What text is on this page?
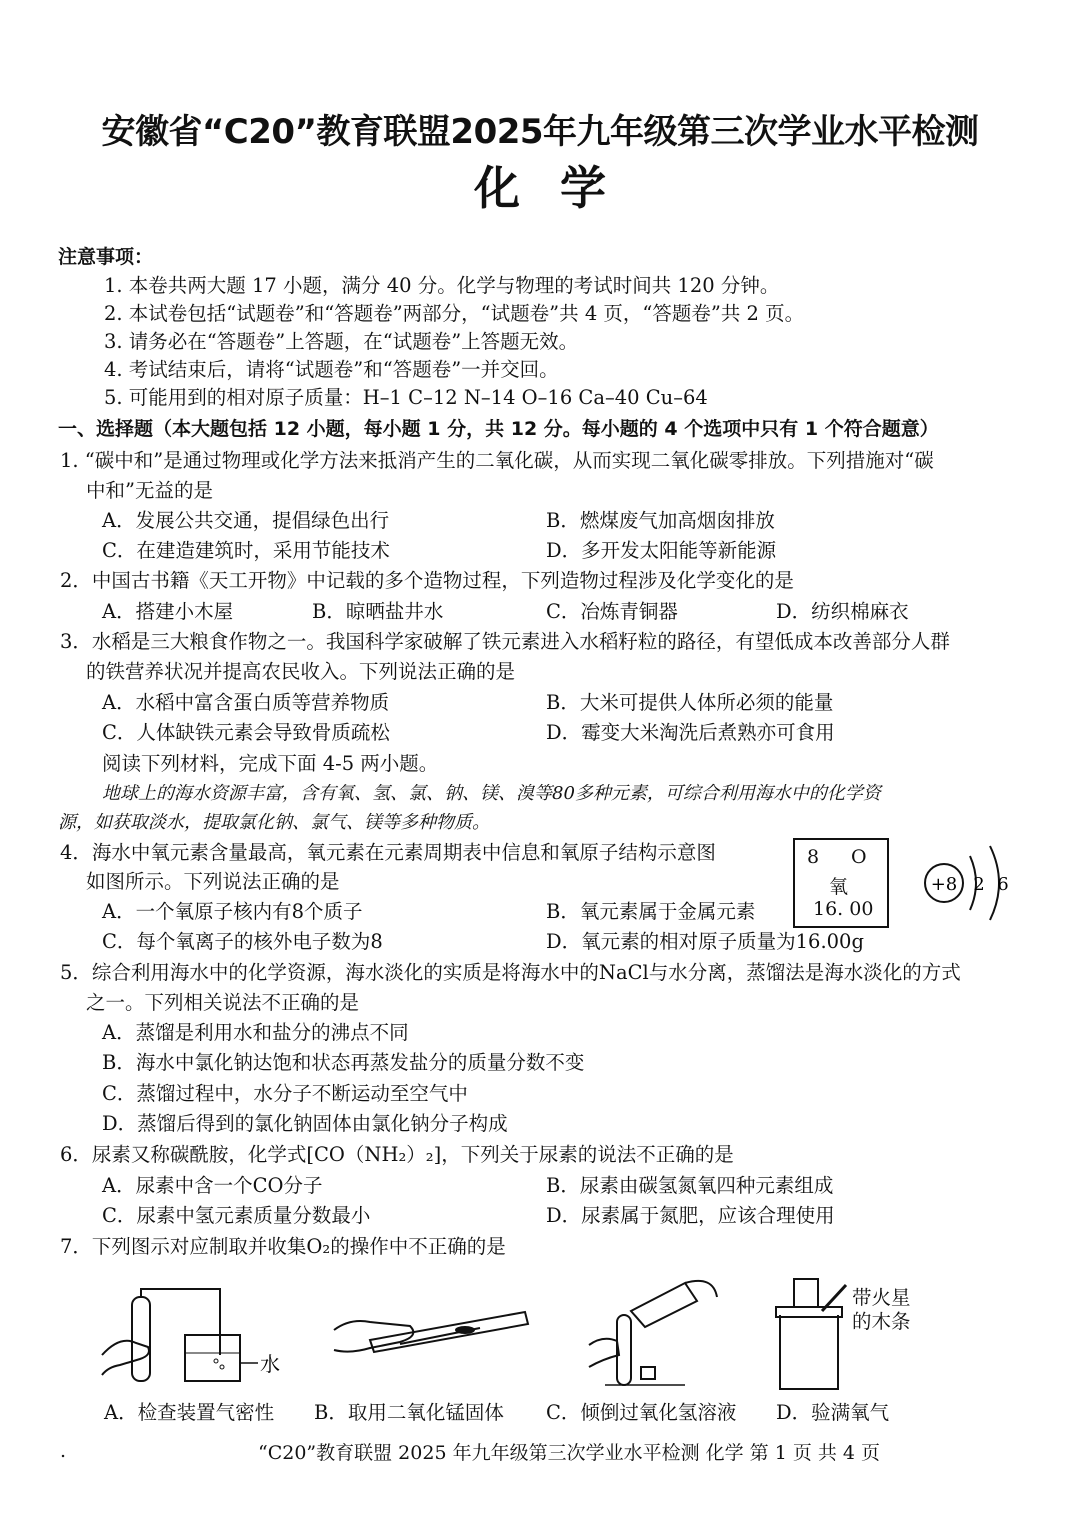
安徽省“C20”教育联盟2025年九年级第三次学业水平检测
化学
注意事项：
1. 本卷共两大题 17 小题，满分 40 分。化学与物理的考试时间共 120 分钟。
2. 本试卷包括“试题卷”和“答题卷”两部分，“试题卷”共 4 页，“答题卷”共 2 页。
3. 请务必在“答题卷”上答题，在“试题卷”上答题无效。
4. 考试结束后，请将“试题卷”和“答题卷”一并交回。
5. 可能用到的相对原子质量：H–1 C–12 N–14 O–16 Ca–40 Cu–64
一、选择题（本大题包括 12 小题，每小题 1 分，共 12 分。每小题的 4 个选项中只有 1 个符合题意）
1. “碳中和”是通过物理或化学方法来抵消产生的二氧化碳，从而实现二氧化碳零排放。下列措施对“碳
中和”无益的是
A．发展公共交通，提倡绿色出行	B．燃煤废气加高烟囱排放
C．在建造建筑时，采用节能技术	D．多开发太阳能等新能源
2．中国古书籍《天工开物》中记载的多个造物过程，下列造物过程涉及化学变化的是
A．搭建小木屋	B．晾晒盐井水	C．冶炼青铜器	D．纺织棉麻衣
3．水稻是三大粮食作物之一。我国科学家破解了铁元素进入水稻籽粒的路径，有望低成本改善部分人群
的铁营养状况并提高农民收入。下列说法正确的是
A．水稻中富含蛋白质等营养物质	B．大米可提供人体所必须的能量
C．人体缺铁元素会导致骨质疏松	D．霉变大米淘洗后煮熟亦可食用
阅读下列材料，完成下面 4-5 两小题。
地球上的海水资源丰富，含有氧、氢、氯、钠、镁、溴等80多种元素，可综合利用海水中的化学资
源，如获取淡水，提取氯化钠、氯气、镁等多种物质。
4．海水中氧元素含量最高，氧元素在元素周期表中信息和氧原子结构示意图
如图所示。下列说法正确的是
A．一个氧原子核内有8个质子	B．氧元素属于金属元素
C．每个氧离子的核外电子数为8	D．氧元素的相对原子质量为16.00g
8 O
氧
16. 00
+8 2 6
5．综合利用海水中的化学资源，海水淡化的实质是将海水中的NaCl与水分离，蒸馏法是海水淡化的方式
之一。下列相关说法不正确的是
A．蒸馏是利用水和盐分的沸点不同
B．海水中氯化钠达饱和状态再蒸发盐分的质量分数不变
C．蒸馏过程中，水分子不断运动至空气中
D．蒸馏后得到的氯化钠固体由氯化钠分子构成
6．尿素又称碳酰胺，化学式[CO（NH₂）₂]，下列关于尿素的说法不正确的是
A．尿素中含一个CO分子	B．尿素由碳氢氮氧四种元素组成
C．尿素中氢元素质量分数最小	D．尿素属于氮肥，应该合理使用
7．下列图示对应制取并收集O₂的操作中不正确的是
水
带火星
的木条
A．检查装置气密性 B．取用二氧化锰固体 C．倾倒过氧化氢溶液 D．验满氧气
.	“C20”教育联盟 2025 年九年级第三次学业水平检测 化学 第 1 页 共 4 页
